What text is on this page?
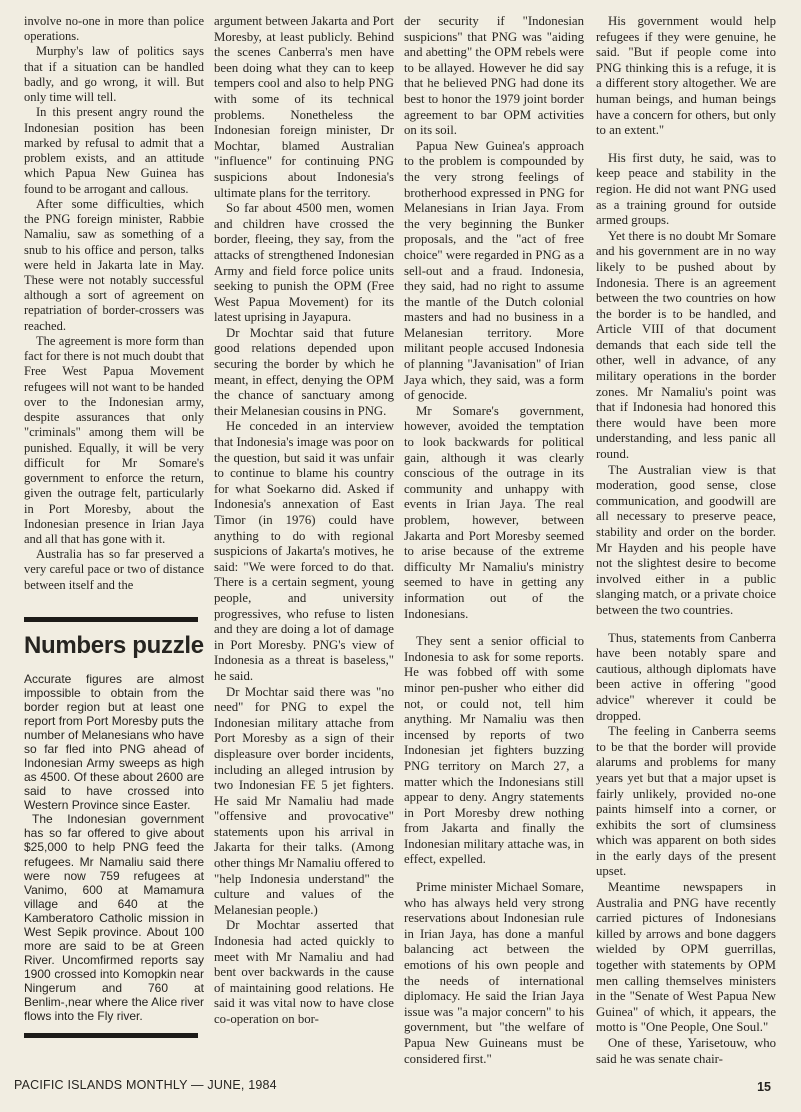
involve no-one in more than police operations.

Murphy's law of politics says that if a situation can be handled badly, and go wrong, it will. But only time will tell.

In this present angry round the Indonesian position has been marked by refusal to admit that a problem exists, and an attitude which Papua New Guinea has found to be arrogant and callous.

After some difficulties, which the PNG foreign minister, Rabbie Namaliu, saw as something of a snub to his office and person, talks were held in Jakarta late in May. These were not notably successful although a sort of agreement on repatriation of border-crossers was reached.

The agreement is more form than fact for there is not much doubt that Free West Papua Movement refugees will not want to be handed over to the Indonesian army, despite assurances that only "criminals" among them will be punished. Equally, it will be very difficult for Mr Somare's government to enforce the return, given the outrage felt, particularly in Port Moresby, about the Indonesian presence in Irian Jaya and all that has gone with it.

Australia has so far preserved a very careful pace or two of distance between itself and the

Numbers puzzle

Accurate figures are almost impossible to obtain from the border region but at least one report from Port Moresby puts the number of Melanesians who have so far fled into PNG ahead of Indonesian Army sweeps as high as 4500. Of these about 2600 are said to have crossed into Western Province since Easter.

The Indonesian government has so far offered to give about $25,000 to help PNG feed the refugees. Mr Namaliu said there were now 759 refugees at Vanimo, 600 at Mamamura village and 640 at the Kamberatoro Catholic mission in West Sepik province. About 100 more are said to be at Green River. Uncomfirmed reports say 1900 crossed into Komopkin near Ningerum and 760 at Benlim-,near where the Alice river flows into the Fly river.

argument between Jakarta and Port Moresby, at least publicly. Behind the scenes Canberra's men have been doing what they can to keep tempers cool and also to help PNG with some of its technical problems. Nonetheless the Indonesian foreign minister, Dr Mochtar, blamed Australian "influence" for continuing PNG suspicions about Indonesia's ultimate plans for the territory.

So far about 4500 men, women and children have crossed the border, fleeing, they say, from the attacks of strengthened Indonesian Army and field force police units seeking to punish the OPM (Free West Papua Movement) for its latest uprising in Jayapura.

Dr Mochtar said that future good relations depended upon securing the border by which he meant, in effect, denying the OPM the chance of sanctuary among their Melanesian cousins in PNG.

He conceded in an interview that Indonesia's image was poor on the question, but said it was unfair to continue to blame his country for what Soekarno did. Asked if Indonesia's annexation of East Timor (in 1976) could have anything to do with regional suspicions of Jakarta's motives, he said: "We were forced to do that. There is a certain segment, young people, and university progressives, who refuse to listen and they are doing a lot of damage in Port Moresby. PNG's view of Indonesia as a threat is baseless," he said.

Dr Mochtar said there was "no need" for PNG to expel the Indonesian military attache from Port Moresby as a sign of their displeasure over border incidents, including an alleged intrusion by two Indonesian FE 5 jet fighters. He said Mr Namaliu had made "offensive and provocative" statements upon his arrival in Jakarta for their talks. (Among other things Mr Namaliu offered to "help Indonesia understand" the culture and values of the Melanesian people.)

Dr Mochtar asserted that Indonesia had acted quickly to meet with Mr Namaliu and had bent over backwards in the cause of maintaining good relations. He said it was vital now to have close co-operation on bor-

der security if "Indonesian suspicions" that PNG was "aiding and abetting" the OPM rebels were to be allayed. However he did say that he believed PNG had done its best to honor the 1979 joint border agreement to bar OPM activities on its soil.

Papua New Guinea's approach to the problem is compounded by the very strong feelings of brotherhood expressed in PNG for Melanesians in Irian Jaya. From the very beginning the Bunker proposals, and the "act of free choice" were regarded in PNG as a sell-out and a fraud. Indonesia, they said, had no right to assume the mantle of the Dutch colonial masters and had no business in a Melanesian territory. More militant people accused Indonesia of planning "Javanisation" of Irian Jaya which, they said, was a form of genocide.

Mr Somare's government, however, avoided the temptation to look backwards for political gain, although it was clearly conscious of the outrage in its community and unhappy with events in Irian Jaya. The real problem, however, between Jakarta and Port Moresby seemed to arise because of the extreme difficulty Mr Namaliu's ministry seemed to have in getting any information out of the Indonesians.

They sent a senior official to Indonesia to ask for some reports. He was fobbed off with some minor pen-pusher who either did not, or could not, tell him anything. Mr Namaliu was then incensed by reports of two Indonesian jet fighters buzzing PNG territory on March 27, a matter which the Indonesians still appear to deny. Angry statements in Port Moresby drew nothing from Jakarta and finally the Indonesian military attache was, in effect, expelled.

Prime minister Michael Somare, who has always held very strong reservations about Indonesian rule in Irian Jaya, has done a manful balancing act between the emotions of his own people and the needs of international diplomacy. He said the Irian Jaya issue was "a major concern" to his government, but "the welfare of Papua New Guineans must be considered first."

His government would help refugees if they were genuine, he said. "But if people come into PNG thinking this is a refuge, it is a different story altogether. We are human beings, and human beings have a concern for others, but only to an extent."

His first duty, he said, was to keep peace and stability in the region. He did not want PNG used as a training ground for outside armed groups.

Yet there is no doubt Mr Somare and his government are in no way likely to be pushed about by Indonesia. There is an agreement between the two countries on how the border is to be handled, and Article VIII of that document demands that each side tell the other, well in advance, of any military operations in the border zones. Mr Namaliu's point was that if Indonesia had honored this there would have been more understanding, and less panic all round.

The Australian view is that moderation, good sense, close communication, and goodwill are all necessary to preserve peace, stability and order on the border. Mr Hayden and his people have not the slightest desire to become involved either in a public slanging match, or a private choice between the two countries.

Thus, statements from Canberra have been notably spare and cautious, although diplomats have been active in offering "good advice" wherever it could be dropped.

The feeling in Canberra seems to be that the border will provide alarums and problems for many years yet but that a major upset is fairly unlikely, provided no-one paints himself into a corner, or exhibits the sort of clumsiness which was apparent on both sides in the early days of the present upset.

Meantime newspapers in Australia and PNG have recently carried pictures of Indonesians killed by arrows and bone daggers wielded by OPM guerrillas, together with statements by OPM men calling themselves ministers in the "Senate of West Papua New Guinea" of which, it appears, the motto is "One People, One Soul."

One of these, Yarisetouw, who said he was senate chair-

PACIFIC ISLANDS MONTHLY — JUNE, 1984	15
